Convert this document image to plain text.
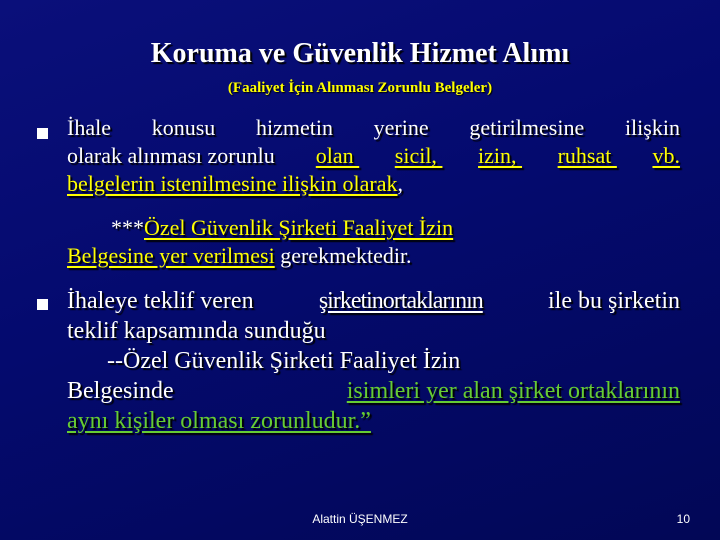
Koruma ve Güvenlik Hizmet Alımı
(Faaliyet İçin Alınması Zorunlu Belgeler)
İhale konusu hizmetin yerine getirilmesine ilişkin
olarak alınması zorunlu olan sicil, izin, ruhsat vb.
belgelerin istenilmesine ilişkin olarak,
***Özel Güvenlik Şirketi Faaliyet İzin
Belgesine yer verilmesi gerekmektedir.
İhaleye teklif veren şirketinortaklarının ile bu şirketin
teklif kapsamında sunduğu
--Özel Güvenlik Şirketi Faaliyet İzin
Belgesinde	isimleri yer alan şirket ortaklarının
aynı kişiler olması zorunludur.”
Alattin ÜŞENMEZ	10
